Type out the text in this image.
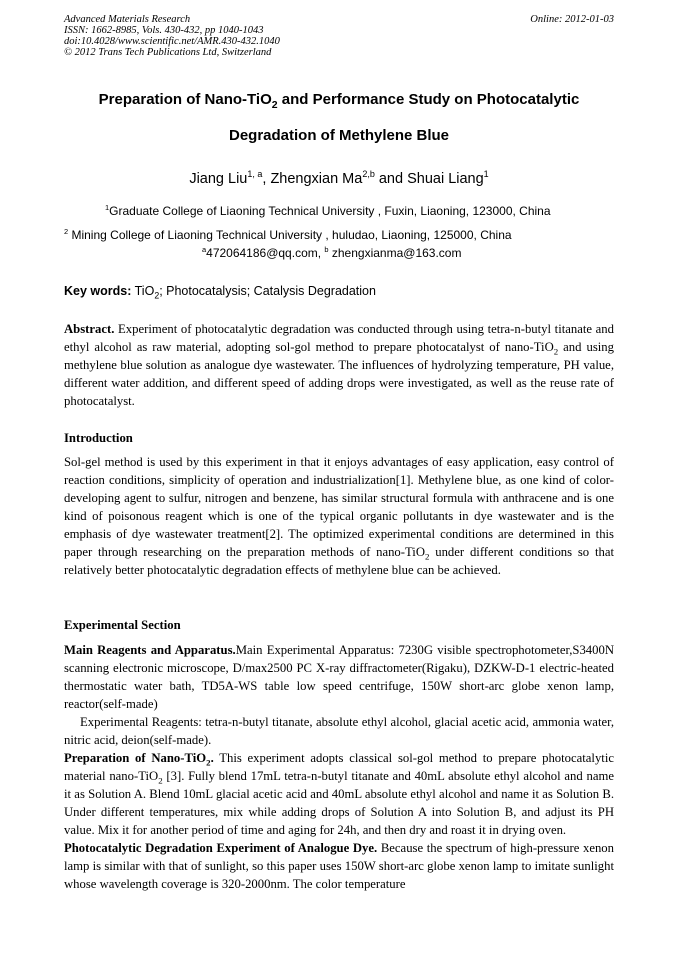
Advanced Materials Research
ISSN: 1662-8985, Vols. 430-432, pp 1040-1043
doi:10.4028/www.scientific.net/AMR.430-432.1040
© 2012 Trans Tech Publications Ltd, Switzerland
Online: 2012-01-03
Preparation of Nano-TiO$_2$ and Performance Study on Photocatalytic
Degradation of Methylene Blue
Jiang Liu$^{1, a}$, Zhengxian Ma$^{2,b}$ and Shuai Liang$^1$
$^1$Graduate College of Liaoning Technical University , Fuxin, Liaoning, 123000, China
$^2$ Mining College of Liaoning Technical University , huludao, Liaoning, 125000, China
$^a$472064186@qq.com, $^b$ zhengxianma@163.com
Key words: TiO$_2$; Photocatalysis; Catalysis Degradation
Abstract. Experiment of photocatalytic degradation was conducted through using tetra-n-butyl titanate and ethyl alcohol as raw material, adopting sol-gol method to prepare photocatalyst of nano-TiO$_2$ and using methylene blue solution as analogue dye wastewater. The influences of hydrolyzing temperature, PH value, different water addition, and different speed of adding drops were investigated, as well as the reuse rate of photocatalyst.
Introduction
Sol-gel method is used by this experiment in that it enjoys advantages of easy application, easy control of reaction conditions, simplicity of operation and industrialization[1]. Methylene blue, as one kind of color-developing agent to sulfur, nitrogen and benzene, has similar structural formula with anthracene and is one kind of poisonous reagent which is one of the typical organic pollutants in dye wastewater and is the emphasis of dye wastewater treatment[2]. The optimized experimental conditions are determined in this paper through researching on the preparation methods of nano-TiO$_2$ under different conditions so that relatively better photocatalytic degradation effects of methylene blue can be achieved.
Experimental Section
Main Reagents and Apparatus.Main Experimental Apparatus: 7230G visible spectrophotometer,S3400N scanning electronic microscope, D/max2500 PC X-ray diffractometer(Rigaku), DZKW-D-1 electric-heated thermostatic water bath, TD5A-WS table low speed centrifuge, 150W short-arc globe xenon lamp, reactor(self-made)
Experimental Reagents: tetra-n-butyl titanate, absolute ethyl alcohol, glacial acetic acid, ammonia water, nitric acid, deion(self-made).
Preparation of Nano-TiO$_2$. This experiment adopts classical sol-gol method to prepare photocatalytic material nano-TiO$_2$ [3]. Fully blend 17mL tetra-n-butyl titanate and 40mL absolute ethyl alcohol and name it as Solution A. Blend 10mL glacial acetic acid and 40mL absolute ethyl alcohol and name it as Solution B. Under different temperatures, mix while adding drops of Solution A into Solution B, and adjust its PH value. Mix it for another period of time and aging for 24h, and then dry and roast it in drying oven.
Photocatalytic Degradation Experiment of Analogue Dye. Because the spectrum of high-pressure xenon lamp is similar with that of sunlight, so this paper uses 150W short-arc globe xenon lamp to imitate sunlight whose wavelength coverage is 320-2000nm. The color temperature
